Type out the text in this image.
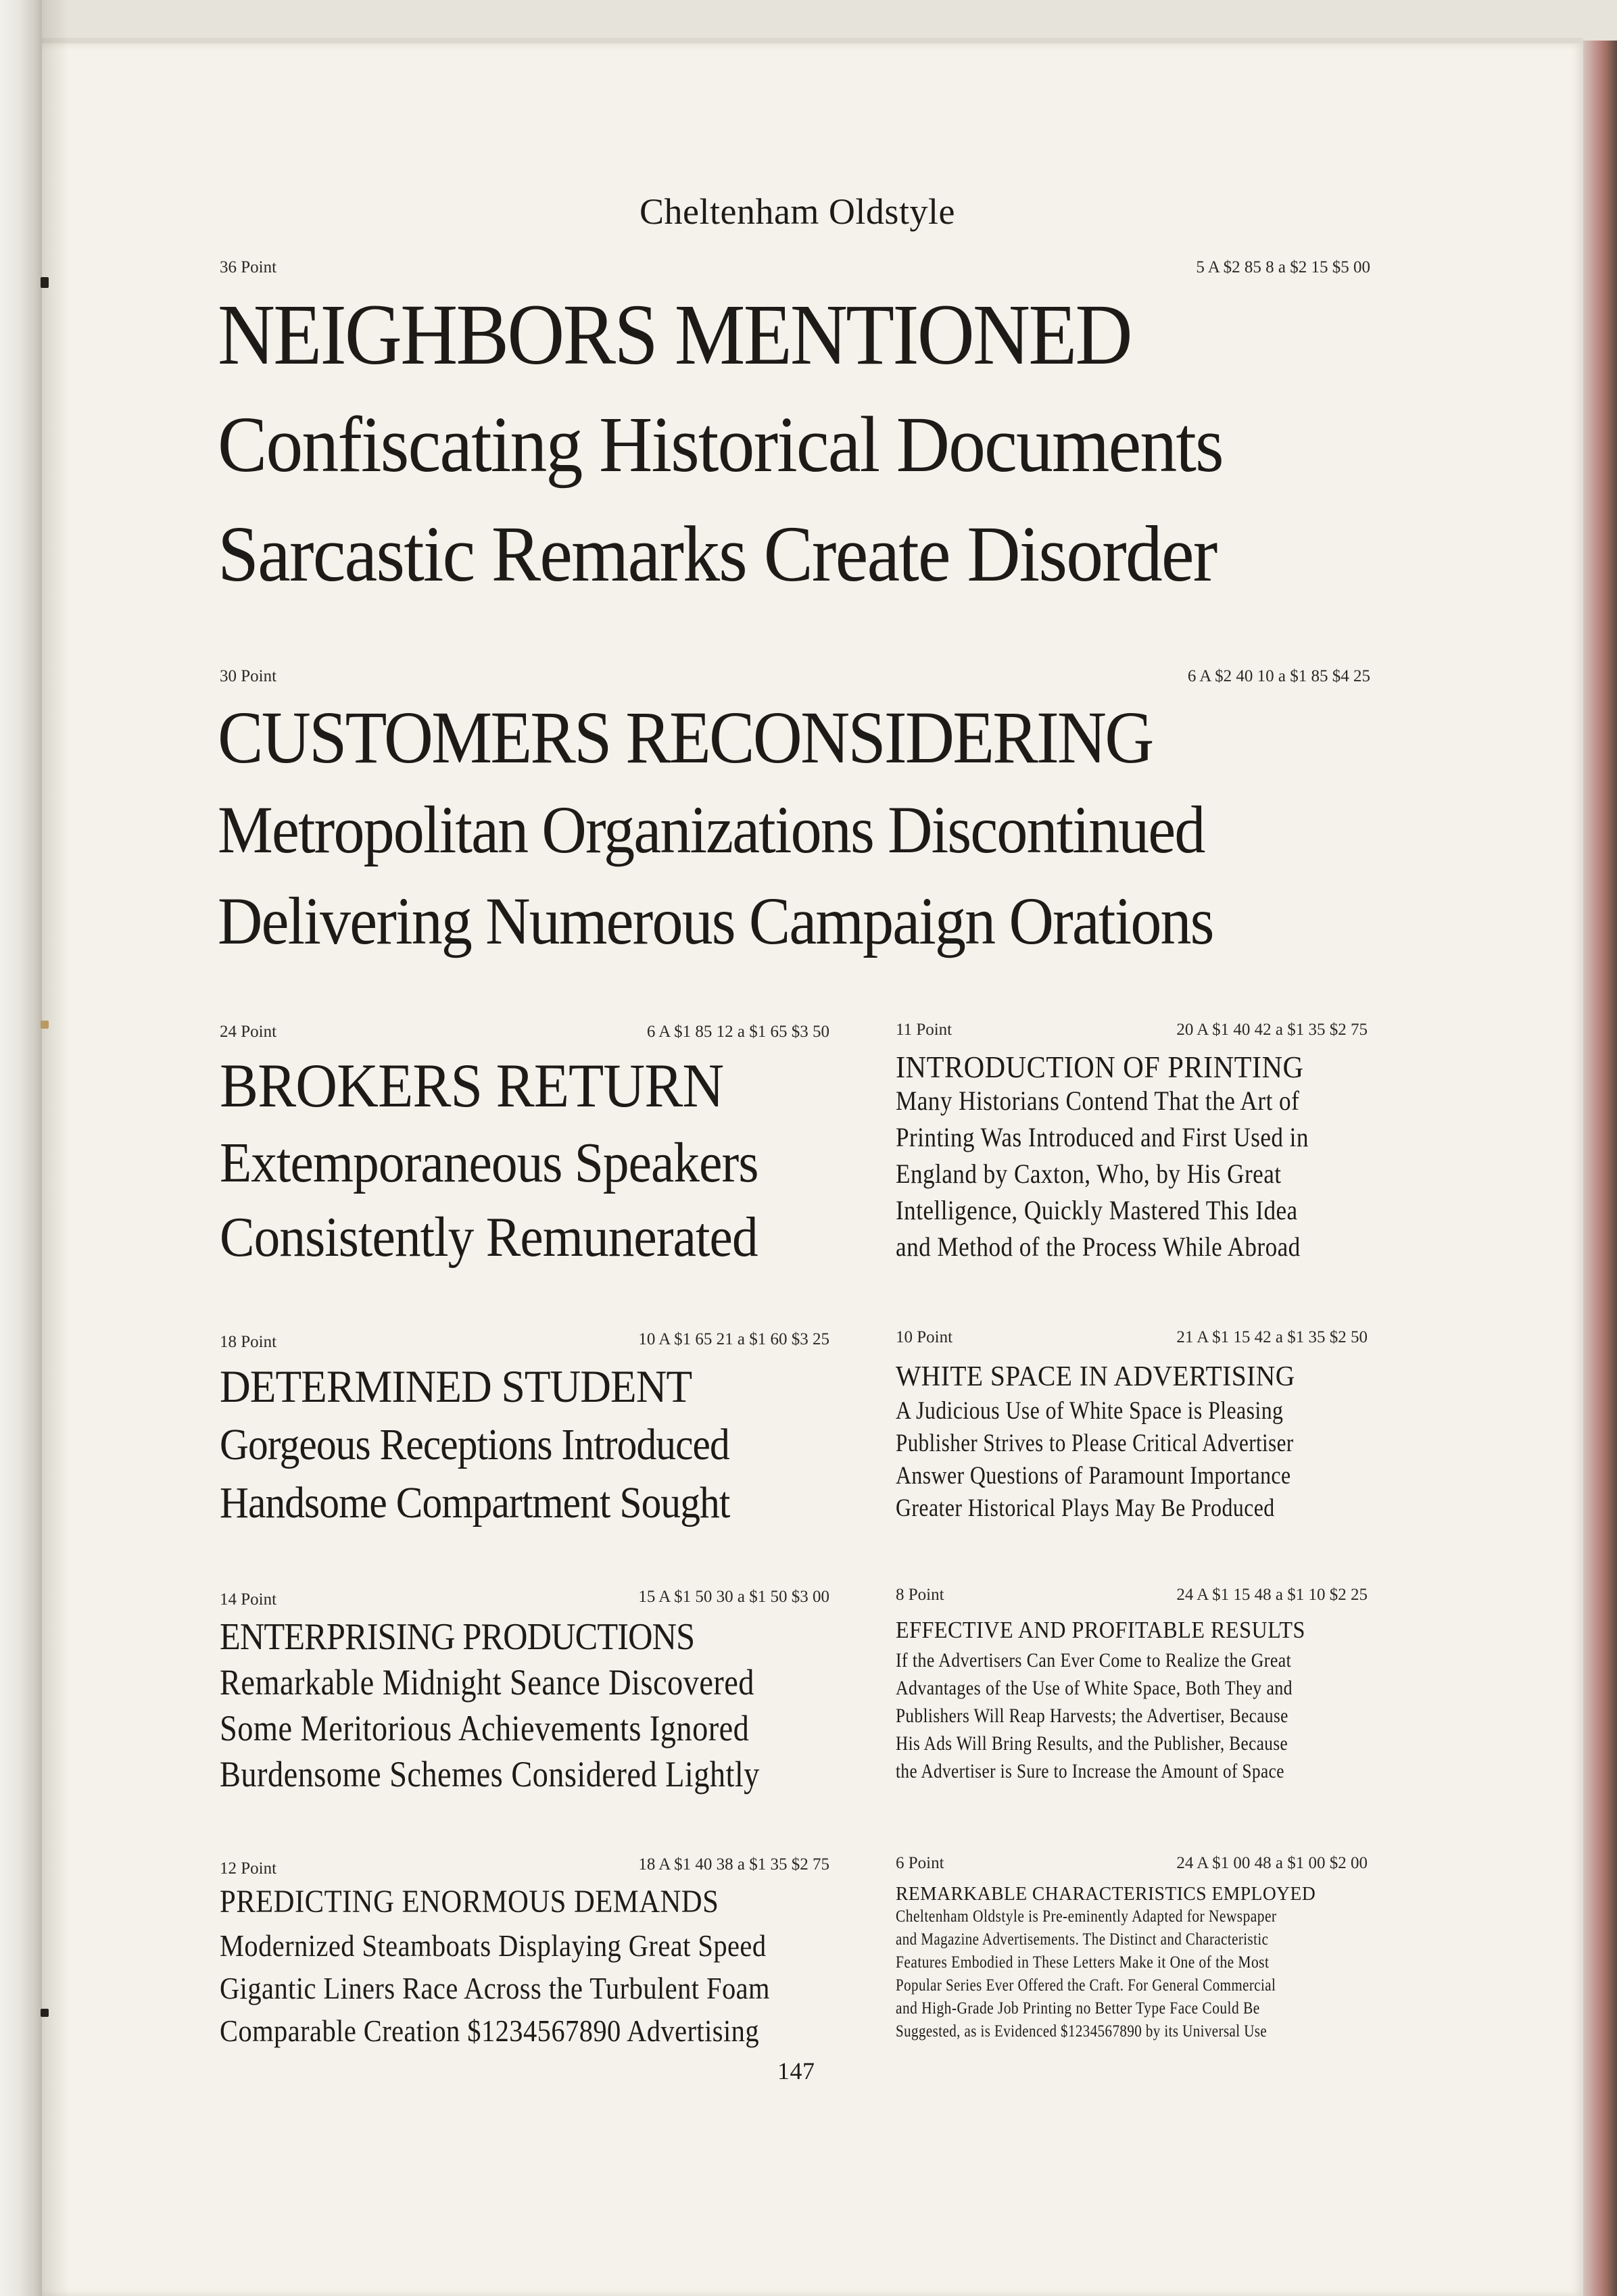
Cheltenham Oldstyle
36 Point	5 A $2 85 8 a $2 15 $5 00
NEIGHBORS MENTIONED
Confiscating Historical Documents
Sarcastic Remarks Create Disorder
30 Point	6 A $2 40 10 a $1 85 $4 25
CUSTOMERS RECONSIDERING
Metropolitan Organizations Discontinued
Delivering Numerous Campaign Orations
24 Point	6 A $1 85 12 a $1 65 $3 50
BROKERS RETURN
Extemporaneous Speakers
Consistently Remunerated
18 Point	10 A $1 65 21 a $1 60 $3 25
DETERMINED STUDENT
Gorgeous Receptions Introduced
Handsome Compartment Sought
14 Point	15 A $1 50 30 a $1 50 $3 00
ENTERPRISING PRODUCTIONS
Remarkable Midnight Seance Discovered
Some Meritorious Achievements Ignored
Burdensome Schemes Considered Lightly
12 Point	18 A $1 40 38 a $1 35 $2 75
PREDICTING ENORMOUS DEMANDS
Modernized Steamboats Displaying Great Speed
Gigantic Liners Race Across the Turbulent Foam
Comparable Creation $1234567890 Advertising
11 Point	20 A $1 40 42 a $1 35 $2 75
INTRODUCTION OF PRINTING
Many Historians Contend That the Art of
Printing Was Introduced and First Used in
England by Caxton, Who, by His Great
Intelligence, Quickly Mastered This Idea
and Method of the Process While Abroad
10 Point	21 A $1 15 42 a $1 35 $2 50
WHITE SPACE IN ADVERTISING
A Judicious Use of White Space is Pleasing
Publisher Strives to Please Critical Advertiser
Answer Questions of Paramount Importance
Greater Historical Plays May Be Produced
8 Point	24 A $1 15 48 a $1 10 $2 25
EFFECTIVE AND PROFITABLE RESULTS
If the Advertisers Can Ever Come to Realize the Great
Advantages of the Use of White Space, Both They and
Publishers Will Reap Harvests; the Advertiser, Because
His Ads Will Bring Results, and the Publisher, Because
the Advertiser is Sure to Increase the Amount of Space
6 Point	24 A $1 00 48 a $1 00 $2 00
REMARKABLE CHARACTERISTICS EMPLOYED
Cheltenham Oldstyle is Pre-eminently Adapted for Newspaper
and Magazine Advertisements. The Distinct and Characteristic
Features Embodied in These Letters Make it One of the Most
Popular Series Ever Offered the Craft. For General Commercial
and High-Grade Job Printing no Better Type Face Could Be
Suggested, as is Evidenced $1234567890 by its Universal Use
147
